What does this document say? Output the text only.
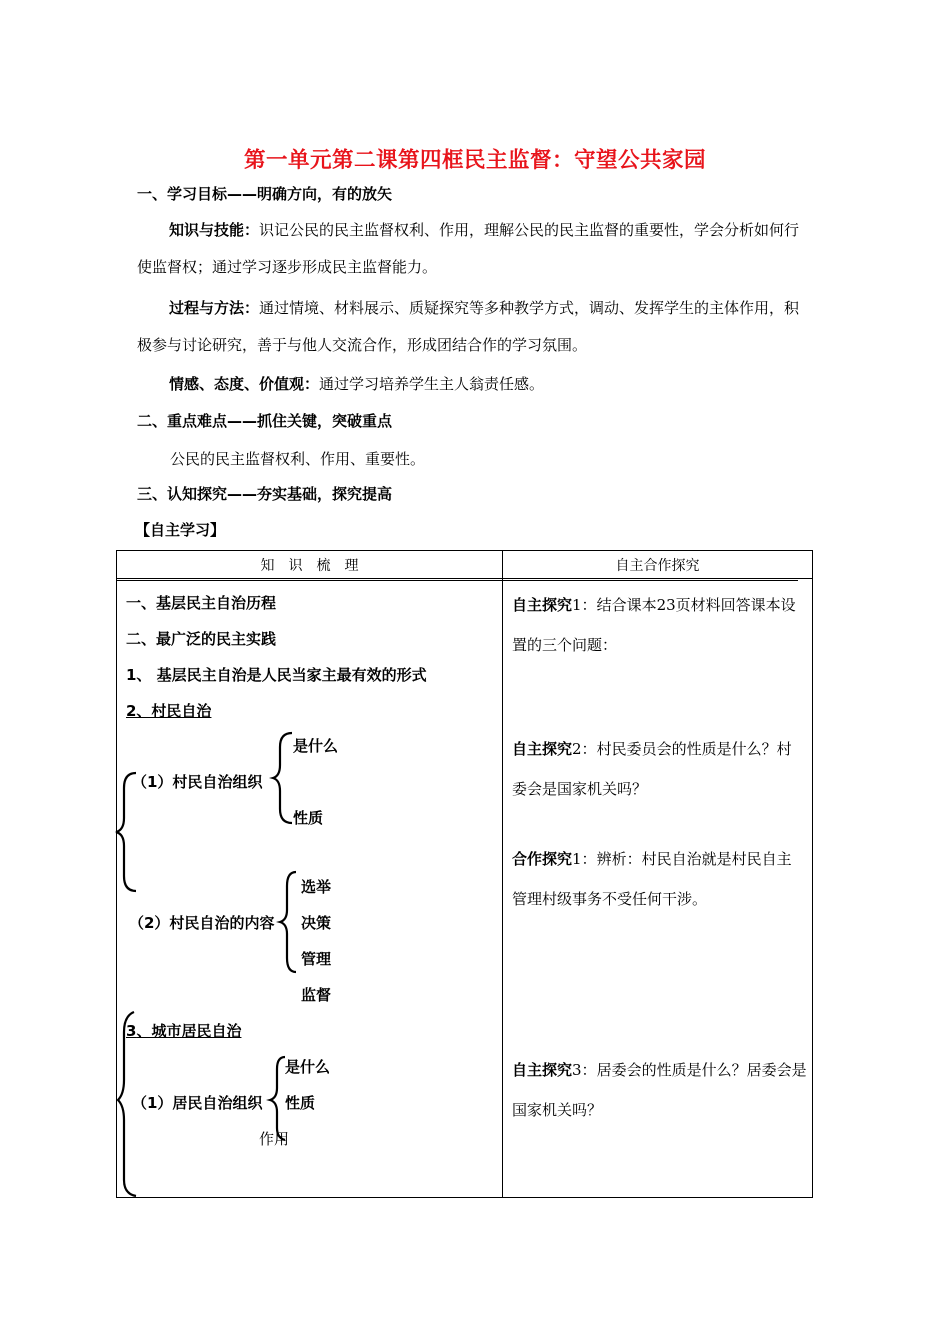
第一单元第二课第四框民主监督：守望公共家园
一、学习目标——明确方向，有的放矢
知识与技能：识记公民的民主监督权利、作用，理解公民的民主监督的重要性，学会分析如何行使监督权；通过学习逐步形成民主监督能力。
过程与方法：通过情境、材料展示、质疑探究等多种教学方式，调动、发挥学生的主体作用，积极参与讨论研究，善于与他人交流合作，形成团结合作的学习氛围。
情感、态度、价值观：通过学习培养学生主人翁责任感。
二、重点难点——抓住关键，突破重点
公民的民主监督权利、作用、重要性。
三、认知探究——夯实基础，探究提高
【自主学习】
知　识　梳　理	自主合作探究

一、基层民主自治历程
二、最广泛的民主实践
1、 基层民主自治是人民当家主最有效的形式
2、村民自治
是什么
（1）村民自治组织
性质
（2）村民自治的内容
选举
决策
管理
监督
3、城市居民自治
是什么
（1）居民自治组织 性质
作用
自主探究1：结合课本23页材料回答课本设置的三个问题：
自主探究2：村民委员会的性质是什么？村委会是国家机关吗？
合作探究1：辨析：村民自治就是村民自主管理村级事务不受任何干涉。
自主探究3：居委会的性质是什么？居委会是国家机关吗？
